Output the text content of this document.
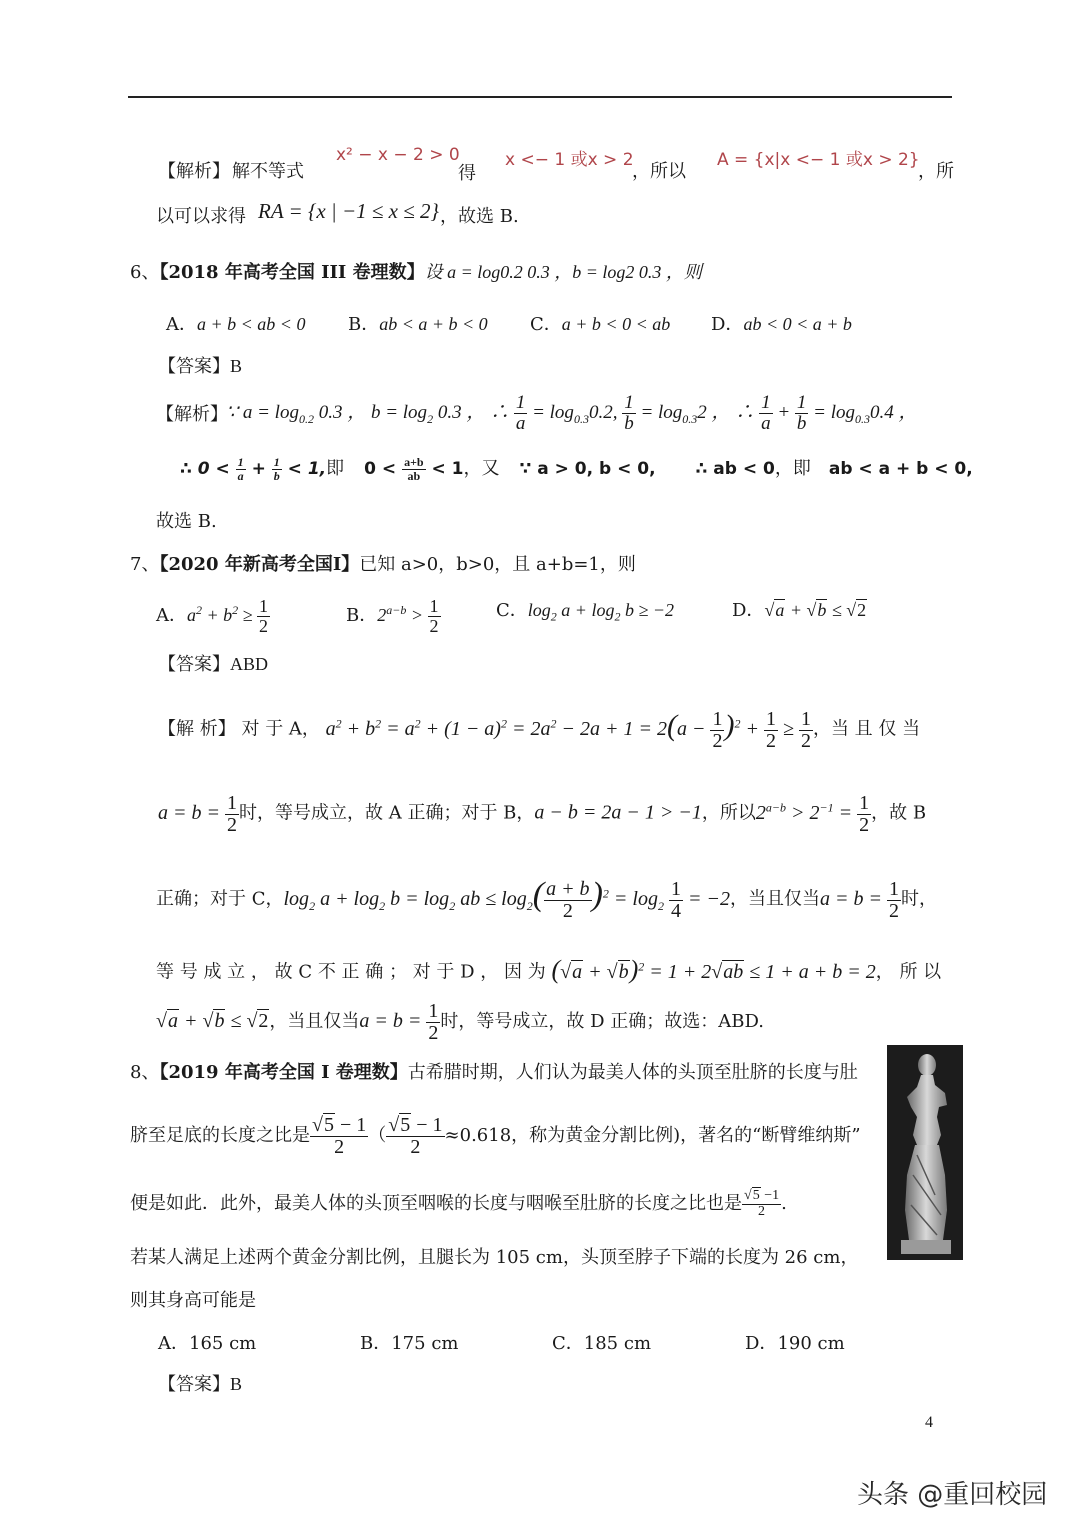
【解析】 解不等式
x² − x − 2 > 0
得
x <− 1 或x > 2
，所以
A = {x|x <− 1 或x > 2}
，所
以可以求得 RA = {x | −1 ≤ x ≤ 2} ，故选 B.
6、【2018 年高考全国 III 卷理数】设 a = log0.2 0.3 ，b = log2 0.3 ，则
A．a + b < ab < 0 B．ab < a + b < 0 C．a + b < 0 < ab D．ab < 0 < a + b
【答案】B
【解析】
∵ $a = \log_{0.2} 0.3$ ， $b = \log_2 0.3$ ， ∴ $\frac{1}{a} = \log_{0.3}0.2$, $\frac{1}{b} = \log_{0.3}2$ ， ∴ $\frac{1}{a} + \frac{1}{b} = \log_{0.3}0.4$ ，
∴ $0 < \frac{1}{a} + \frac{1}{b} < 1$,即 $0 < \frac{a+b}{ab} < 1$，又 ∵ a > 0, b < 0, ∴ ab < 0，即 ab < a + b < 0,
故选 B.
7、【2020 年新高考全国Ⅰ】已知 a>0，b>0，且 a+b=1，则
A．$a^2 + b^2 \ge \frac{1}{2}$	B．$2^{a-b} > \frac{1}{2}$	C．$\log_2 a + \log_2 b \ge -2$	D．√a + √b ≤ √2
【答案】ABD
【解 析】 对 于 A， $a^2 + b^2 = a^2 + (1 - a)^2 = 2a^2 - 2a + 1 = 2(a - \frac{1}{2} )^2 + \frac{1}{2} \ge \frac{1}{2}$ ，当 且 仅 当
$a = b = \frac{1}{2}$ 时，等号成立，故 A 正确；对于 B，a − b = 2a − 1 > −1，所以$2^{a-b} > 2^{-1} = \frac{1}{2}$ ，故 B
正确；对于 C，$\log_2 a + \log_2 b = \log_2$ ab ≤ $\log_2( \frac{a + b}{2} )^2 = \log_2 \frac{1}{4} = -2$，当且仅当$a = b = \frac{1}{2}$ 时，
等 号 成 立 ， 故 C 不 正 确 ； 对 于 D ， 因 为 $(√a + √b)^2 = 1 + 2√ab \le 1 + a + b = 2$， 所 以
√a + √b ≤ √2，当且仅当$a = b = \frac{1}{2}$ 时，等号成立，故 D 正确；故选：ABD.
8、【2019 年高考全国 I 卷理数】古希腊时期，人们认为最美人体的头顶至肚脐的长度与肚
脐至足底的长度之比是 $\frac{√5 - 1}{2}$ （ $\frac{√5 - 1}{2} \approx 0.618$，称为黄金分割比例)，著名的“断臂维纳斯”
便是如此．此外，最美人体的头顶至咽喉的长度与咽喉至肚脐的长度之比也是 $\frac{√5 -1}{2}$ .
若某人满足上述两个黄金分割比例，且腿长为 105 cm，头顶至脖子下端的长度为 26 cm，
则其身高可能是
A．165 cm	B．175 cm	C．185 cm	D．190 cm
【答案】B
4
头条 @重回校园
